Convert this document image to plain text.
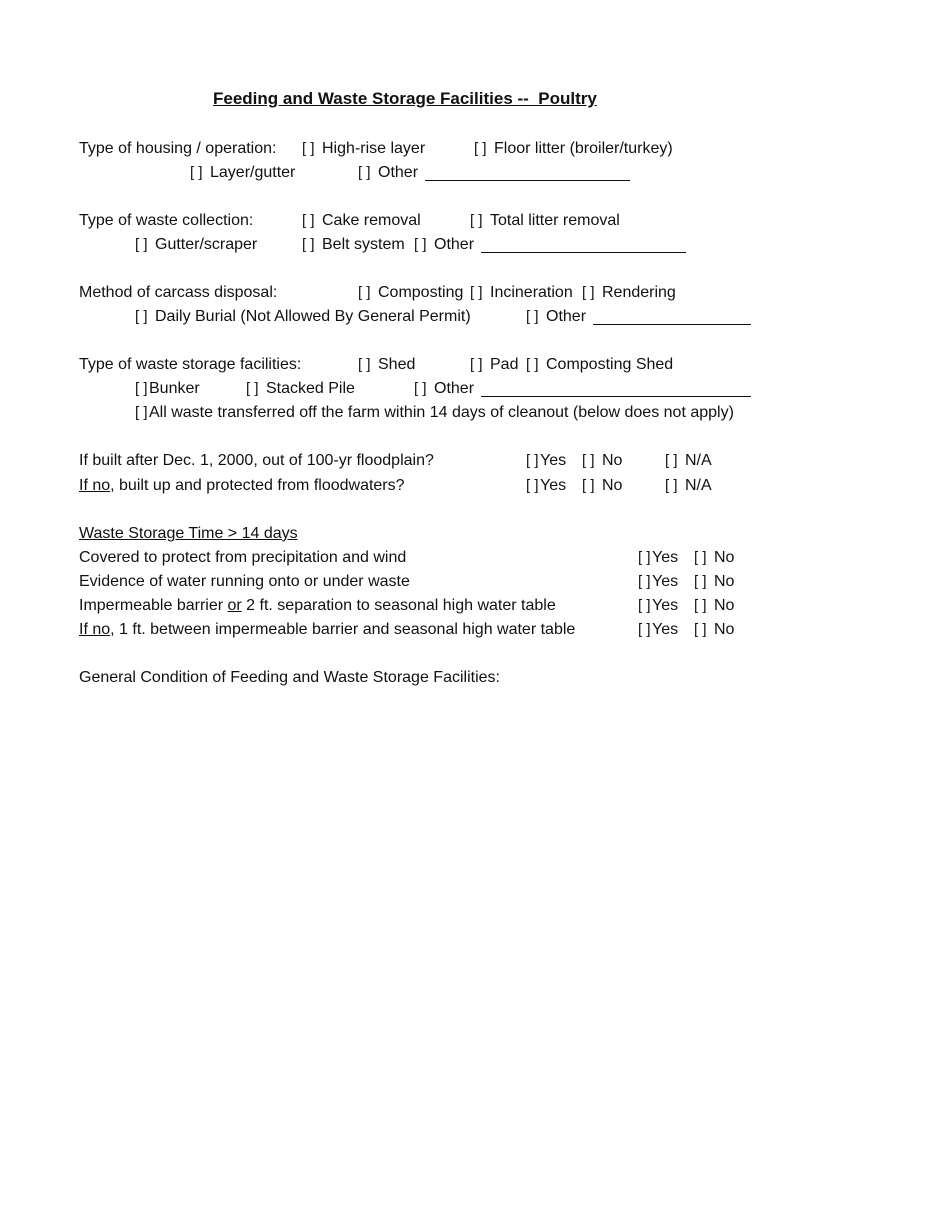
Feeding and Waste Storage Facilities --  Poultry
Type of housing / operation: [ ] High-rise layer	[ ] Floor litter (broiler/turkey)
[ ] Layer/gutter	[ ] Other
Type of waste collection:	[ ] Cake removal	[ ] Total litter removal
[ ] Gutter/scraper	[ ] Belt system [ ] Other
Method of carcass disposal:	[ ] Composting [ ] Incineration [ ] Rendering
[ ] Daily Burial (Not Allowed By General Permit)	[ ] Other
Type of waste storage facilities:	[ ] Shed	[ ] Pad [ ] Composting Shed
[ ] Bunker	[ ] Stacked Pile	[ ] Other
[ ] All waste transferred off the farm within 14 days of cleanout (below does not apply)
If built after Dec. 1, 2000, out of 100-yr floodplain?	[ ] Yes [ ] No	[ ] N/A
If no, built up and protected from floodwaters?	[ ] Yes [ ] No	[ ] N/A
Waste Storage Time > 14 days
Covered to protect from precipitation and wind	[ ] Yes [ ] No
Evidence of water running onto or under waste	[ ] Yes [ ] No
Impermeable barrier or 2 ft. separation to seasonal high water table	[ ] Yes [ ] No
If no, 1 ft. between impermeable barrier and seasonal high water table	[ ] Yes [ ] No
General Condition of Feeding and Waste Storage Facilities:
